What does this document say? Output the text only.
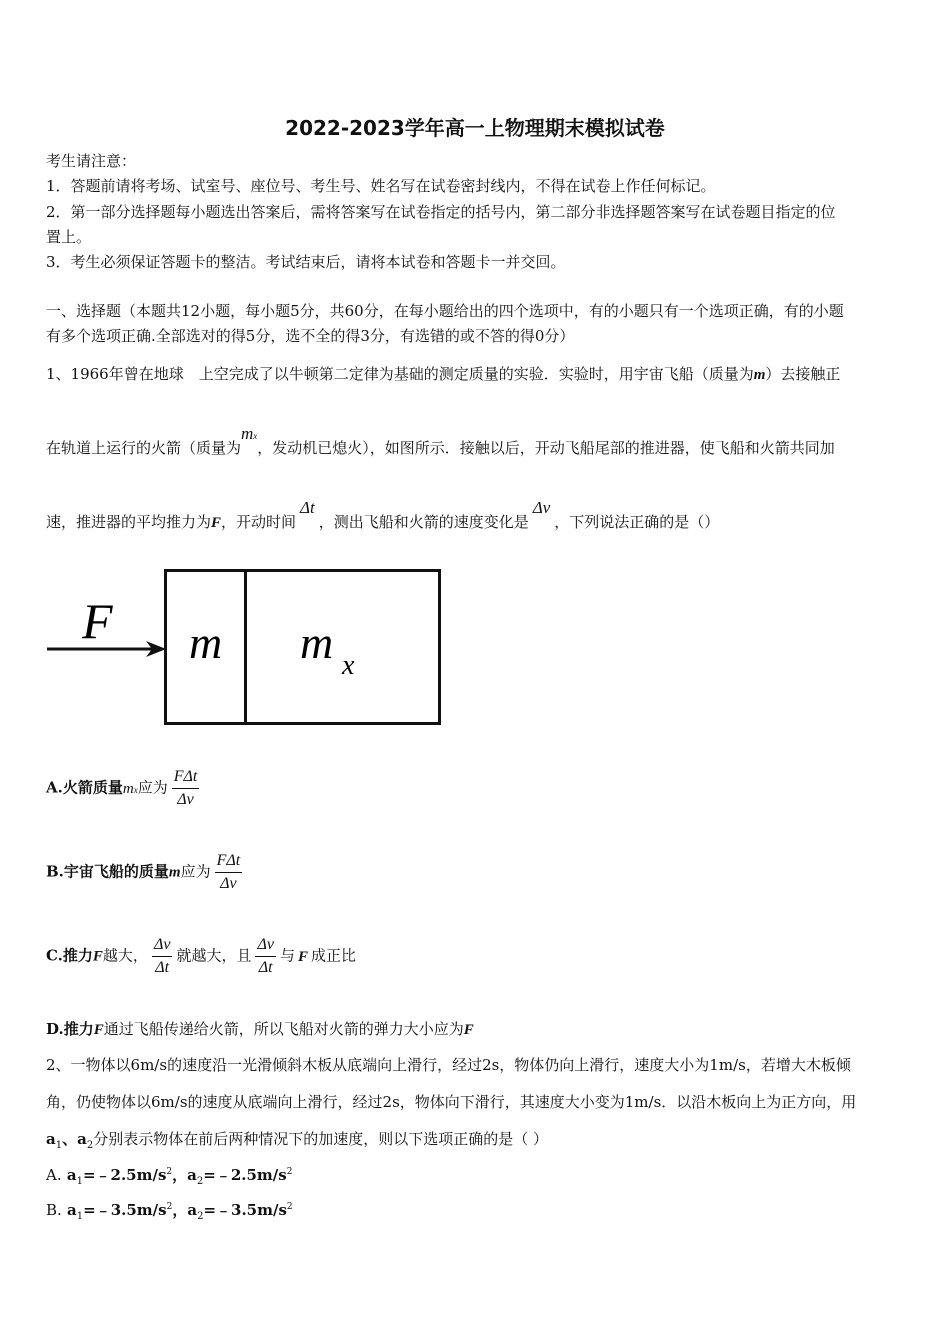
2022-2023学年高一上物理期末模拟试卷
考生请注意：
1．答题前请将考场、试室号、座位号、考生号、姓名写在试卷密封线内，不得在试卷上作任何标记。
2．第一部分选择题每小题选出答案后，需将答案写在试卷指定的括号内，第二部分非选择题答案写在试卷题目指定的位
置上。
3．考生必须保证答题卡的整洁。考试结束后，请将本试卷和答题卡一并交回。
一、选择题（本题共12小题，每小题5分，共60分，在每小题给出的四个选项中，有的小题只有一个选项正确，有的小题
有多个选项正确.全部选对的得5分，选不全的得3分，有选错的或不答的得0分）
1、1966年曾在地球　上空完成了以牛顿第二定律为基础的测定质量的实验．实验时，用宇宙飞船（质量为m）去接触正
在轨道上运行的火箭（质量为mx，发动机已熄火），如图所示．接触以后，开动飞船尾部的推进器，使飞船和火箭共同加
速，推进器的平均推力为F，开动时间Δt，测出飞船和火箭的速度变化是Δv，下列说法正确的是（）
F m m x
A.火箭质量mx应为 $\frac{\text{FΔt}}{\Delta v}$
B.宇宙飞船的质量m应为 $\frac{\text{FΔt}}{\Delta v}$
C.推力F越大， $\frac{\Delta v}{\Delta t}$ 就越大，且 $\frac{\Delta v}{\Delta t}$ 与 F 成正比
D.推力F通过飞船传递给火箭，所以飞船对火箭的弹力大小应为F
2、一物体以6m/s的速度沿一光滑倾斜木板从底端向上滑行，经过2s，物体仍向上滑行，速度大小为1m/s，若增大木板倾
角，仍使物体以6m/s的速度从底端向上滑行，经过2s，物体向下滑行，其速度大小变为1m/s．以沿木板向上为正方向，用
$a_1$、$a_2$分别表示物体在前后两种情况下的加速度，则以下选项正确的是（ ）
A. $a_1=﹣2.5m/s^2$，$a_2=﹣2.5m/s^2$
B. $a_1=﹣3.5m/s^2$，$a_2=﹣3.5m/s^2$
